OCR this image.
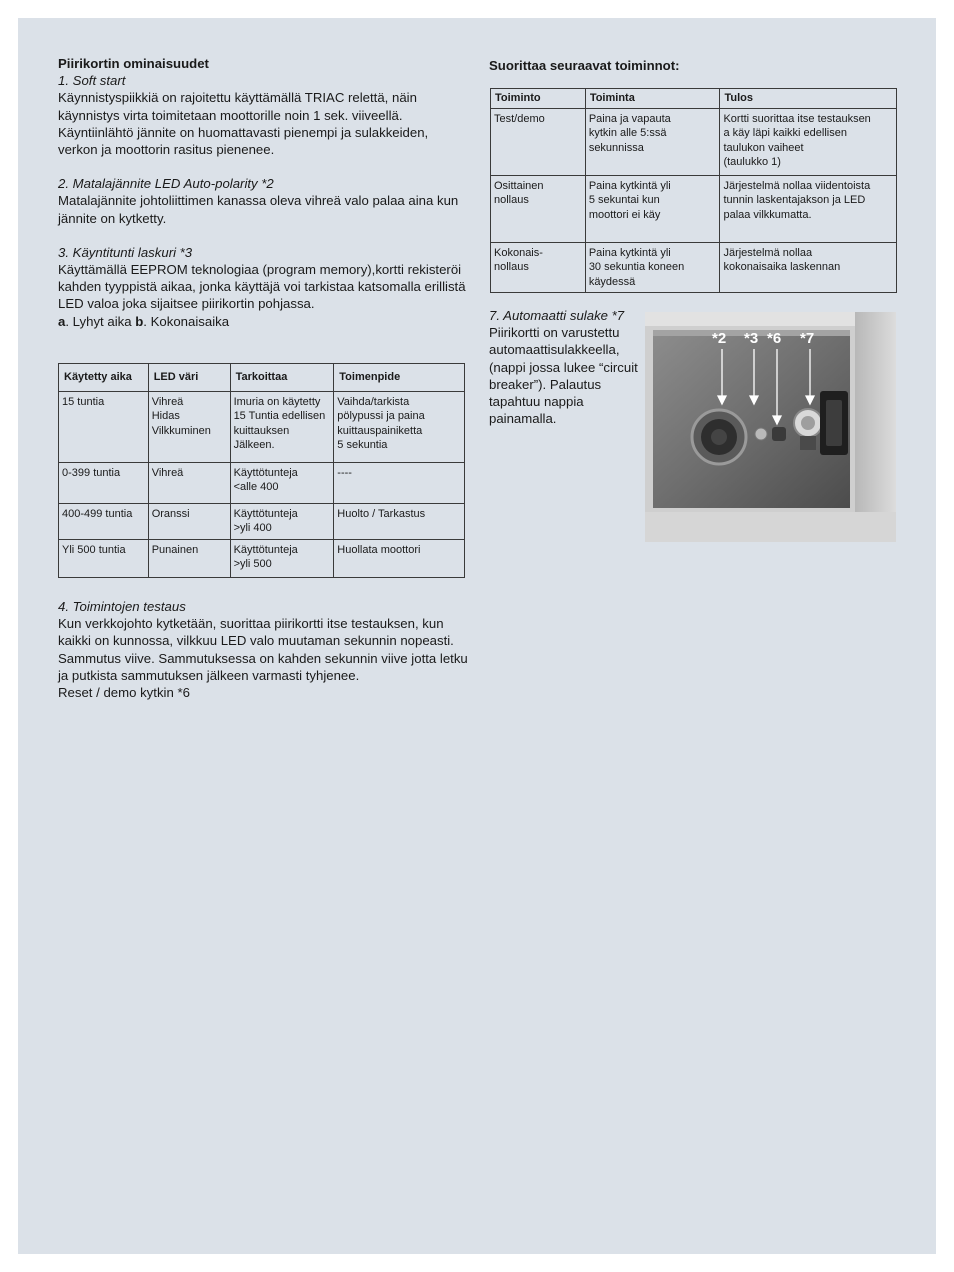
Piirikortin ominaisuudet

1. Soft start

Käynnistyspiikkiä on rajoitettu käyttämällä TRIAC relettä, näin käynnistys virta toimitetaan moottorille noin 1 sek. viiveellä. Käyntiinlähtö jännite on huomattavasti pienempi ja sulakkeiden, verkon ja moottorin rasitus pienenee.

2. Matalajännite LED Auto-polarity *2

Matalajännite johtoliittimen kanassa oleva vihreä valo palaa aina kun jännite on kytketty.

3. Käyntitunti laskuri *3

Käyttämällä EEPROM teknologiaa (program memory),kortti rekisteröi kahden tyyppistä aikaa, jonka käyttäjä voi tarkistaa katsomalla erillistä LED valoa joka sijaitsee piirikortin pohjassa.

a. Lyhyt aika b. Kokonaisaika

Käytetty aika	LED väri	Tarkoittaa	Toimenpide
15 tuntia	Vihreä
Hidas
Vilkkuminen	Imuria on käytetty
15 Tuntia edellisen
kuittauksen
Jälkeen.	Vaihda/tarkista
pölypussi ja paina
kuittauspainiketta
5 sekuntia
0-399 tuntia	Vihreä	Käyttötunteja
<alle 400	----
400-499 tuntia	Oranssi	Käyttötunteja
>yli 400	Huolto / Tarkastus
Yli 500 tuntia	Punainen	Käyttötunteja
>yli 500	Huollata moottori

4. Toimintojen testaus

Kun verkkojohto kytketään, suorittaa piirikortti itse testauksen, kun kaikki on kunnossa, vilkkuu LED valo muutaman sekunnin nopeasti. Sammutus viive. Sammutuksessa on kahden sekunnin viive jotta letku ja putkista sammutuksen jälkeen varmasti tyhjenee.

Reset / demo kytkin *6

Suorittaa seuraavat toiminnot:

Toiminto	Toiminta	Tulos
Test/demo	Paina ja vapauta
kytkin alle 5:ssä
sekunnissa	Kortti suorittaa itse testauksen
a käy läpi kaikki edellisen
taulukon vaiheet
(taulukko 1)
Osittainen
nollaus	Paina kytkintä yli
5 sekuntai kun
moottori ei käy	Järjestelmä nollaa viidentoista
tunnin laskentajakson ja LED
palaa vilkkumatta.
Kokonais-
nollaus	Paina kytkintä yli
30 sekuntia koneen
käydessä	Järjestelmä nollaa
kokonaisaika laskennan

7. Automaatti sulake *7

Piirikortti on varustettu automaattisulakkeella, (nappi jossa lukee “circuit breaker”). Palautus tapahtuu nappia painamalla.

*2 *3 *6 *7
